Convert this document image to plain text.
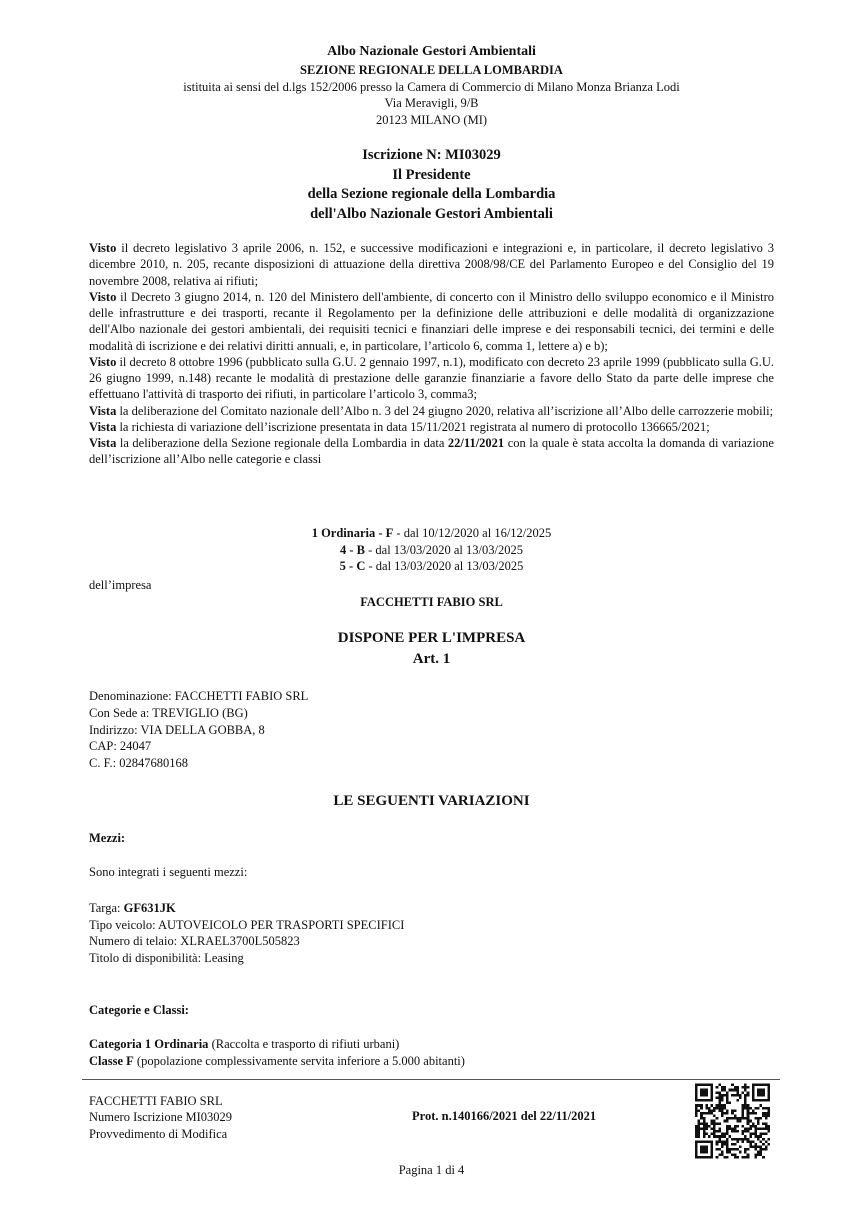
Albo Nazionale Gestori Ambientali
SEZIONE REGIONALE DELLA LOMBARDIA
istituita ai sensi del d.lgs 152/2006 presso la Camera di Commercio di Milano Monza Brianza Lodi
Via Meravigli, 9/B
20123 MILANO (MI)
Iscrizione N: MI03029
Il Presidente
della Sezione regionale della Lombardia
dell'Albo Nazionale Gestori Ambientali

Visto il decreto legislativo 3 aprile 2006, n. 152, e successive modificazioni e integrazioni e, in particolare, il decreto legislativo 3 dicembre 2010, n. 205, recante disposizioni di attuazione della direttiva 2008/98/CE del Parlamento Europeo e del Consiglio del 19 novembre 2008, relativa ai rifiuti;

Visto il Decreto 3 giugno 2014, n. 120 del Ministero dell'ambiente, di concerto con il Ministro dello sviluppo economico e il Ministro delle infrastrutture e dei trasporti, recante il Regolamento per la definizione delle attribuzioni e delle modalità di organizzazione dell'Albo nazionale dei gestori ambientali, dei requisiti tecnici e finanziari delle imprese e dei responsabili tecnici, dei termini e delle modalità di iscrizione e dei relativi diritti annuali, e, in particolare, l’articolo 6, comma 1, lettere a) e b);

Visto il decreto 8 ottobre 1996 (pubblicato sulla G.U. 2 gennaio 1997, n.1), modificato con decreto 23 aprile 1999 (pubblicato sulla G.U. 26 giugno 1999, n.148) recante le modalità di prestazione delle garanzie finanziarie a favore dello Stato da parte delle imprese che effettuano l'attività di trasporto dei rifiuti, in particolare l’articolo 3, comma3;

Vista la deliberazione del Comitato nazionale dell’Albo n. 3 del 24 giugno 2020, relativa all’iscrizione all’Albo delle carrozzerie mobili;

Vista la richiesta di variazione dell’iscrizione presentata in data 15/11/2021 registrata al numero di protocollo 136665/2021;

Vista la deliberazione della Sezione regionale della Lombardia in data 22/11/2021 con la quale è stata accolta la domanda di variazione dell’iscrizione all’Albo nelle categorie e classi

1 Ordinaria - F - dal 10/12/2020 al 16/12/2025
4 - B - dal 13/03/2020 al 13/03/2025
5 - C - dal 13/03/2020 al 13/03/2025
dell’impresa
FACCHETTI FABIO SRL
DISPONE PER L'IMPRESA
Art. 1
Denominazione: FACCHETTI FABIO SRL
Con Sede a: TREVIGLIO (BG)
Indirizzo: VIA DELLA GOBBA, 8
CAP: 24047
C. F.: 02847680168
LE SEGUENTI VARIAZIONI
Mezzi:
Sono integrati i seguenti mezzi:
Targa: GF631JK
Tipo veicolo: AUTOVEICOLO PER TRASPORTI SPECIFICI
Numero di telaio: XLRAEL3700L505823
Titolo di disponibilità: Leasing
Categorie e Classi:
Categoria 1 Ordinaria (Raccolta e trasporto di rifiuti urbani)
Classe F (popolazione complessivamente servita inferiore a 5.000 abitanti)
FACCHETTI FABIO SRL
Numero Iscrizione MI03029
Provvedimento di Modifica
Prot. n.140166/2021 del 22/11/2021
Pagina 1 di 4
